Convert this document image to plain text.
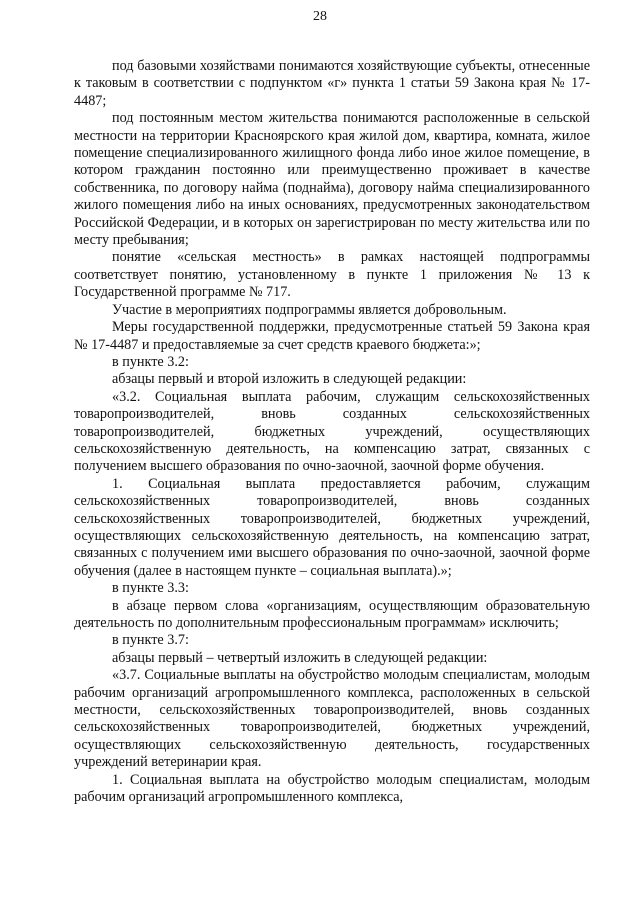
28

под базовыми хозяйствами понимаются хозяйствующие субъекты, отнесенные к таковым в соответствии с подпунктом «г» пункта 1 статьи 59 Закона края № 17-4487;

под постоянным местом жительства понимаются расположенные в сельской местности на территории Красноярского края жилой дом, квартира, комната, жилое помещение специализированного жилищного фонда либо иное жилое помещение, в котором гражданин постоянно или преимущественно проживает в качестве собственника, по договору найма (поднайма), договору найма специализированного жилого помещения либо на иных основаниях, предусмотренных законодательством Российской Федерации, и в которых он зарегистрирован по месту жительства или по месту пребывания;

понятие «сельская местность» в рамках настоящей подпрограммы соответствует понятию, установленному в пункте 1 приложения № 13 к Государственной программе № 717.

Участие в мероприятиях подпрограммы является добровольным.

Меры государственной поддержки, предусмотренные статьей 59 Закона края № 17-4487 и предоставляемые за счет средств краевого бюджета:»;

в пункте 3.2:

абзацы первый и второй изложить в следующей редакции:

«3.2. Социальная выплата рабочим, служащим сельскохозяйственных товаропроизводителей, вновь созданных сельскохозяйственных товаропроизводителей, бюджетных учреждений, осуществляющих сельскохозяйственную деятельность, на компенсацию затрат, связанных с получением высшего образования по очно-заочной, заочной форме обучения.

1. Социальная выплата предоставляется рабочим, служащим сельскохозяйственных товаропроизводителей, вновь созданных сельскохозяйственных товаропроизводителей, бюджетных учреждений, осуществляющих сельскохозяйственную деятельность, на компенсацию затрат, связанных с получением ими высшего образования по очно-заочной, заочной форме обучения (далее в настоящем пункте – социальная выплата).»;

в пункте 3.3:

в абзаце первом слова «организациям, осуществляющим образовательную деятельность по дополнительным профессиональным программам» исключить;

в пункте 3.7:

абзацы первый – четвертый изложить в следующей редакции:

«3.7. Социальные выплаты на обустройство молодым специалистам, молодым рабочим организаций агропромышленного комплекса, расположенных в сельской местности, сельскохозяйственных товаропроизводителей, вновь созданных сельскохозяйственных товаропроизводителей, бюджетных учреждений, осуществляющих сельскохозяйственную деятельность, государственных учреждений ветеринарии края.

1. Социальная выплата на обустройство молодым специалистам, молодым рабочим организаций агропромышленного комплекса,
